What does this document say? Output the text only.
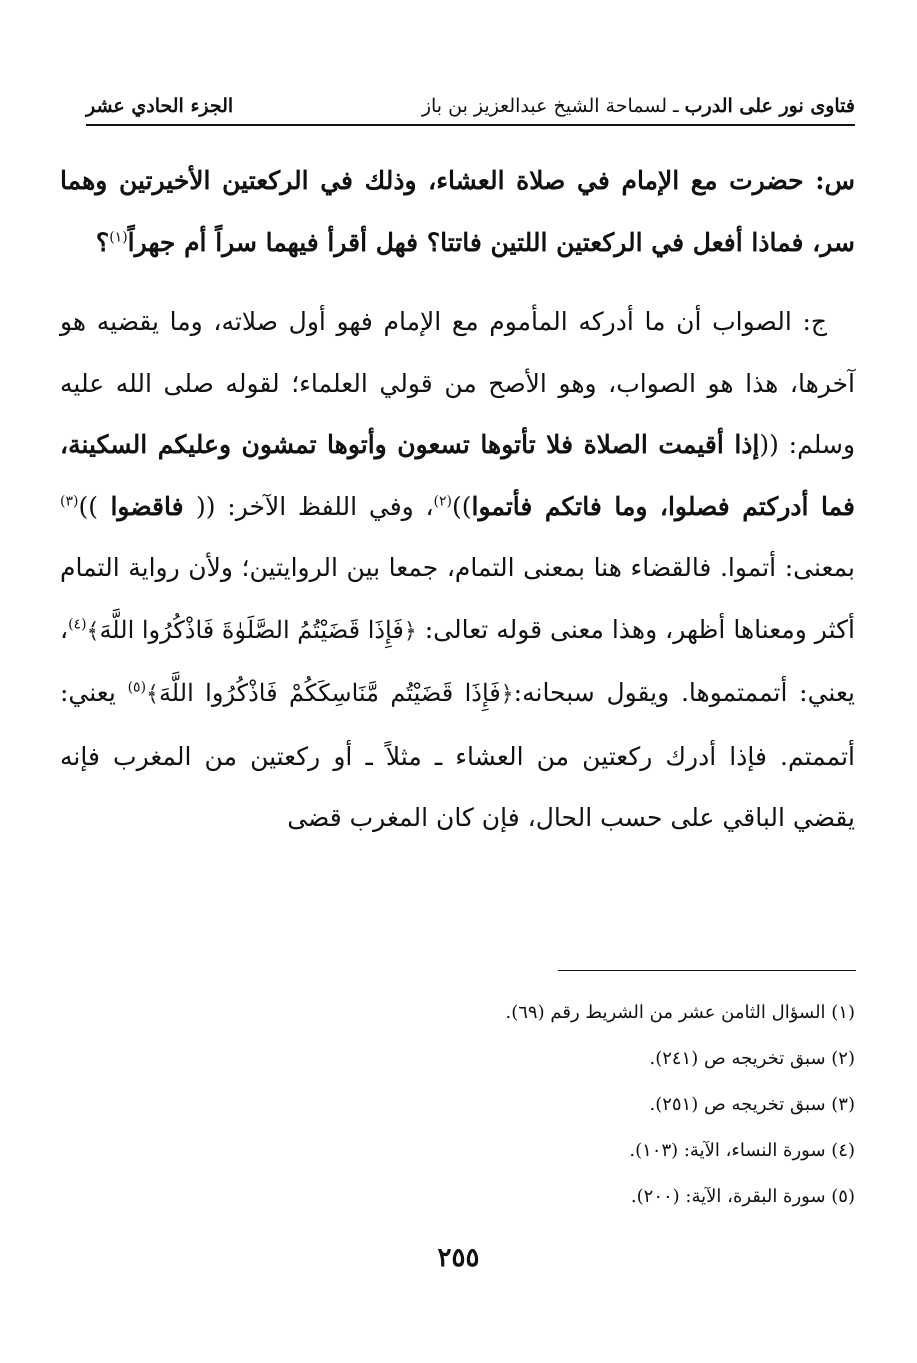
فتاوى نور على الدرب ـ لسماحة الشيخ عبدالعزيز بن باز
الجزء الحادي عشر

س: حضرت مع الإمام في صلاة العشاء، وذلك في الركعتين الأخيرتين وهما سر، فماذا أفعل في الركعتين اللتين فاتتا؟ فهل أقرأ فيهما سراً أم جهراً$^{(١)}$؟

ج: الصواب أن ما أدركه المأموم مع الإمام فهو أول صلاته، وما يقضيه هو آخرها، هذا هو الصواب، وهو الأصح من قولي العلماء؛ لقوله صلى الله عليه وسلم: ((إذا أقيمت الصلاة فلا تأتوها تسعون وأتوها تمشون وعليكم السكينة، فما أدركتم فصلوا، وما فاتكم فأتموا))$^{(٢)}$، وفي اللفظ الآخر: (( فاقضوا ))$^{(٣)}$ بمعنى: أتموا. فالقضاء هنا بمعنى التمام، جمعا بين الروايتين؛ ولأن رواية التمام أكثر ومعناها أظهر، وهذا معنى قوله تعالى: ﴿فَإِذَا قَضَيْتُمُ الصَّلَوٰةَ فَاذْكُرُوا اللَّهَ﴾$^{(٤)}$، يعني: أتممتموها. ويقول سبحانه:﴿فَإِذَا قَضَيْتُم مَّنَاسِكَكُمْ فَاذْكُرُوا اللَّهَ﴾$^{(٥)}$ يعني: أتممتم. فإذا أدرك ركعتين من العشاء ـ مثلاً ـ أو ركعتين من المغرب فإنه يقضي الباقي على حسب الحال، فإن كان المغرب قضى

(١) السؤال الثامن عشر من الشريط رقم (٦٩).
(٢) سبق تخريجه ص (٢٤١).
(٣) سبق تخريجه ص (٢٥١).
(٤) سورة النساء، الآية: (١٠٣).
(٥) سورة البقرة، الآية: (٢٠٠).
٢٥٥
